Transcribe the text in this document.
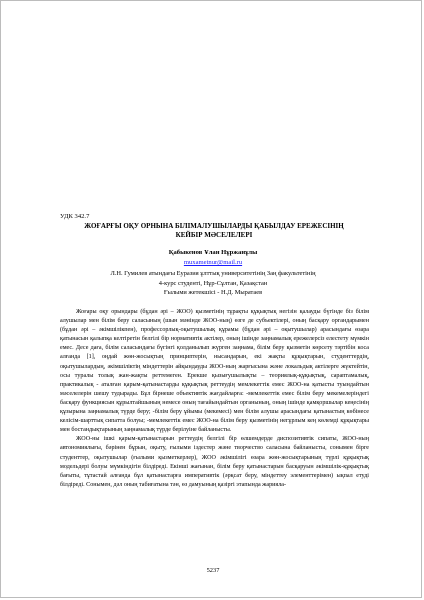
УДК 342.7
ЖОҒАРҒЫ ОҚУ ОРНЫНА БІЛІМАЛУШЫЛАРДЫ ҚАБЫЛДАУ ЕРЕЖЕСІНІҢ
КЕЙБІР МӘСЕЛЕЛЕРІ
Қабыкенов Ұлан Нұржанұлы
muxametnur@mail.ru
Л.Н. Гумилев атындағы Еуразия ұлттық университетінің Заң факультетінің
4-курс студенті, Нұр-Сұлтан, Қазақстан
Ғылыми жетекшісі - Н.Д. Мыратаев

Жоғары оқу орындары (бұдан әрі – ЖОО) қызметінің тұрақты құқықтық негізін қалауды бүгінде біз білім алушылар мен білім беру саласының (шын мәнінде ЖОО-ның) өзге де субъектілері, оның басқару органдарымен (бұдан әрі – әкімшілікпен), профессорлық-оқытушылық құрамы (бұдан әрі – оқытушылар) арасындағы өзара қатынасын қалыпқа келтіретін белгілі бір нормативтік актілер, оның ішінде заңнамалық ережелерсіз елестету мүмкін емес. Десе даға, білім саласындағы бүгінгі қолданылып жүрген заңнама, білім беру қызметін көрсету тәртібін коса алғанда [1], оңдай жөн-жосықтың принциптерін, нысандарын, екі жақты құқықтарын, студенттердің, оқытушылардың, әкімшіліктің міндеттерін айқындауды ЖОО-ның жарғысына және локальдық актілерге жүктейтін, осы туралы толық жан-жақты реттемеген. Ерекше қызығушылықты – теориялық-құқықтық, сараптамалық, практикалық - аталған қарым-қатынастарды құқықтық реттеудің мемлекеттік емес ЖОО-на қатысты туындайтын мәселелерін шешу тудырады. Бұл бірнеше объективтік жағдайларға: -мемлекеттік емес білім беру мекемелеріндегі басқару функциясын құрылтайшының немесе оның тағайындайтын органының, оның ішінде қамқоршылар кеңесінің құзырына заңнамалық түрде беру; -білім беру ұйымы (мекемесі) мен білім алушы арасындағы қатынастың көбінесе келісім-шарттық сипатта болуы; -мемлекеттік емес ЖОО-на білім беру қызметінің негұрлым кең көлемді құқықтары мен бостандықтарының заңнамалық түрде берілуіне байланысты.

ЖОО-ны ішкі қарым-қатынастарын реттеудің белгілі бір өлшемдерде диспозитивтік сипаты, ЖОО-ның автономиялығы, бәрінен бұрын, оқыту, ғылыми іздестер және творчество саласына байланысты, сонымен бірге студенттер, оқытушылар (ғылыми қызметкерлер), ЖОО әкімшілігі өзара жөн-жосықтарының түрлі құқықтық модельдері болуы мүмкіндігін білдіреді. Екінші жағынан, білім беру қатынастарын басқаруын әкімшілік-құқықтық бағыты, тұтастай алғанда бұл қатынастарға императивтік (әрқсат беру, міндеттеу элементтерімен) ықпал етуді білдіреді. Сонымен, дәл оның табиғатына тән, өз дамуының қазіргі этапында жарияла-

5237
